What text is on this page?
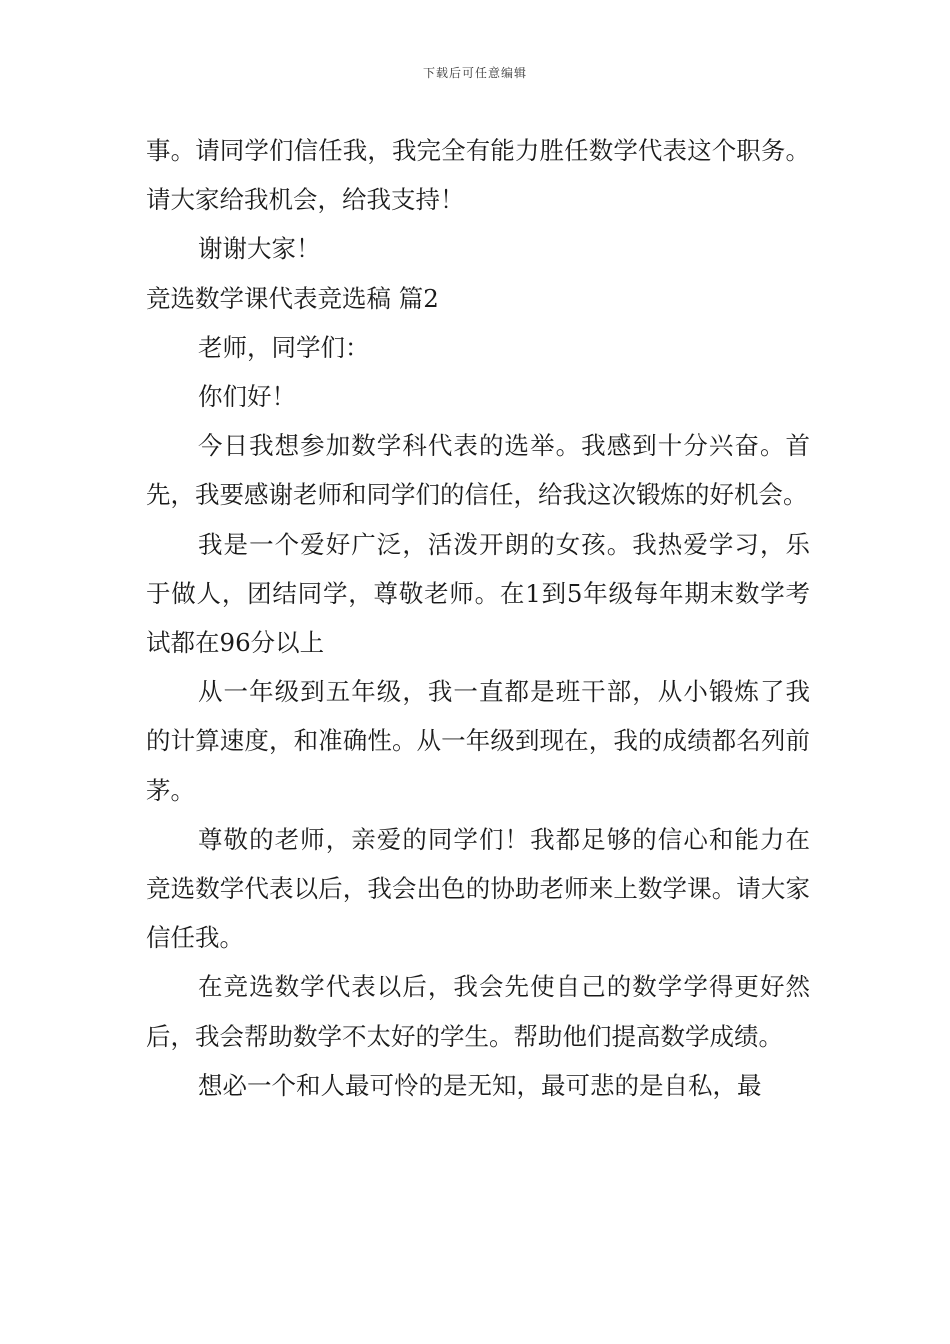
下载后可任意编辑

事。请同学们信任我，我完全有能力胜任数学代表这个职务。请大家给我机会，给我支持！

谢谢大家！

竞选数学课代表竞选稿 篇2

老师，同学们：

你们好！

今日我想参加数学科代表的选举。我感到十分兴奋。首先，我要感谢老师和同学们的信任，给我这次锻炼的好机会。

我是一个爱好广泛，活泼开朗的女孩。我热爱学习，乐于做人，团结同学，尊敬老师。在1到5年级每年期末数学考试都在96分以上

从一年级到五年级，我一直都是班干部，从小锻炼了我的计算速度，和准确性。从一年级到现在，我的成绩都名列前茅。

尊敬的老师，亲爱的同学们！我都足够的信心和能力在竞选数学代表以后，我会出色的协助老师来上数学课。请大家信任我。

在竞选数学代表以后，我会先使自己的数学学得更好然后，我会帮助数学不太好的学生。帮助他们提高数学成绩。

想必一个和人最可怜的是无知，最可悲的是自私，最
